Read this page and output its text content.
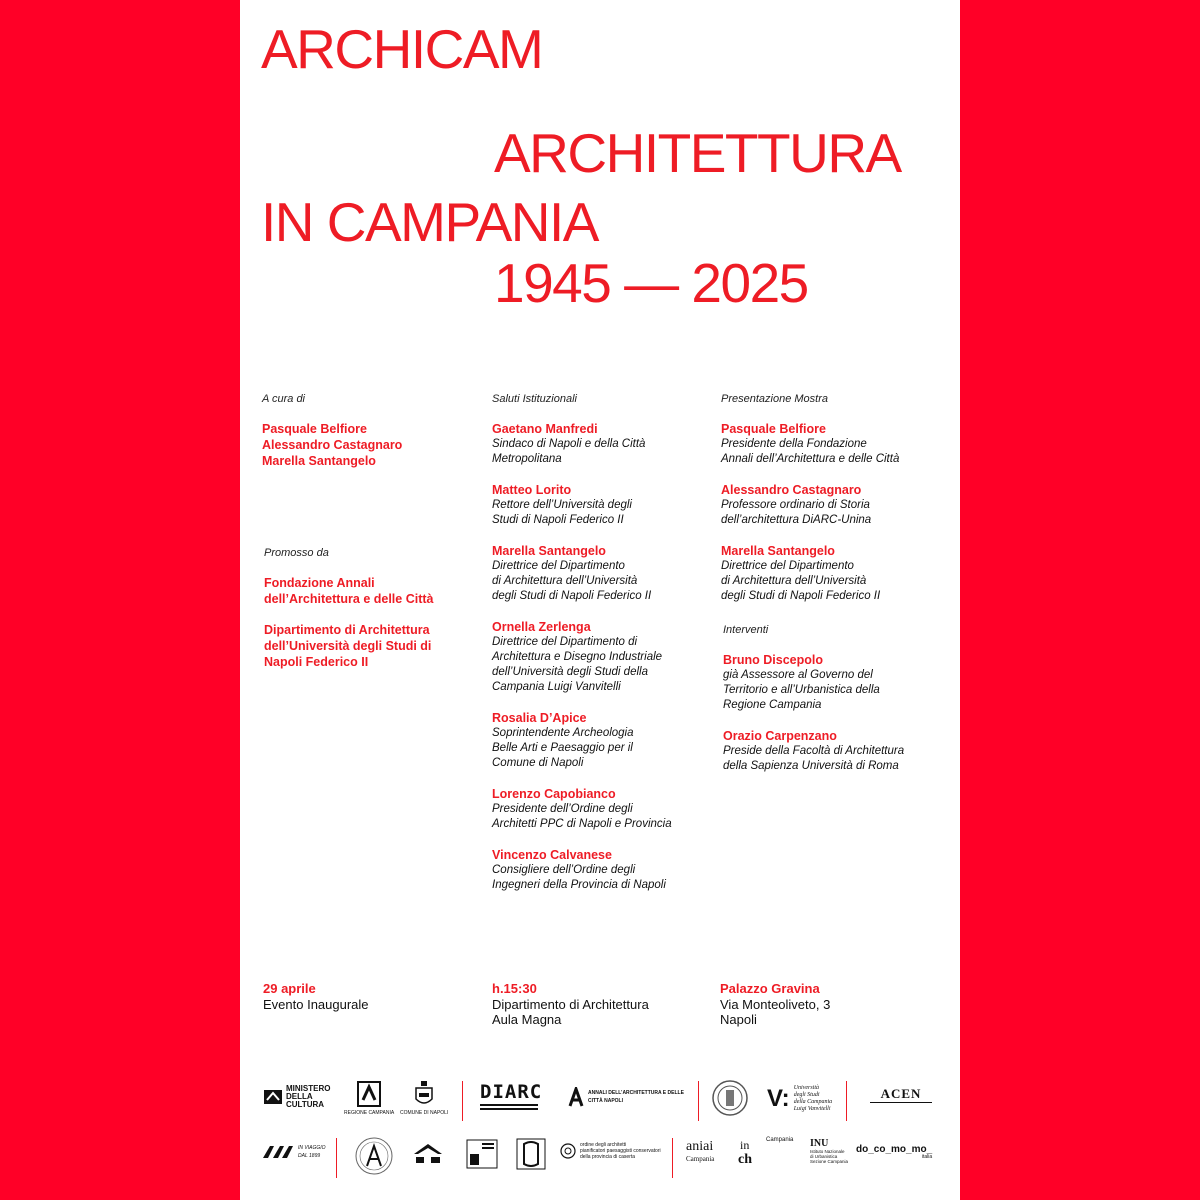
ARCHICAM
ARCHITETTURA
IN CAMPANIA
1945 — 2025
A cura di
Pasquale Belfiore
Alessandro Castagnaro
Marella Santangelo
Promosso da
Fondazione Annali
dell’Architettura e delle Città
Dipartimento di Architettura
dell’Università degli Studi di
Napoli Federico II
Saluti Istituzionali
Gaetano Manfredi
Sindaco di Napoli e della Città
Metropolitana
Matteo Lorito
Rettore dell’Università degli
Studi di Napoli Federico II
Marella Santangelo
Direttrice del Dipartimento
di Architettura dell’Università
degli Studi di Napoli Federico II
Ornella Zerlenga
Direttrice del Dipartimento di
Architettura e Disegno Industriale
dell’Università degli Studi della
Campania Luigi Vanvitelli
Rosalia D’Apice
Soprintendente Archeologia
Belle Arti e Paesaggio per il
Comune di Napoli
Lorenzo Capobianco
Presidente dell’Ordine degli
Architetti PPC di Napoli e Provincia
Vincenzo Calvanese
Consigliere dell’Ordine degli
Ingegneri della Provincia di Napoli
Presentazione Mostra
Pasquale Belfiore
Presidente della Fondazione
Annali dell’Architettura e delle Città
Alessandro Castagnaro
Professore ordinario di Storia
dell’architettura DiARC-Unina
Marella Santangelo
Direttrice del Dipartimento
di Architettura dell’Università
degli Studi di Napoli Federico II
Interventi
Bruno Discepolo
già Assessore al Governo del
Territorio e all’Urbanistica della
Regione Campania
Orazio Carpenzano
Preside della Facoltà di Architettura
della Sapienza Università di Roma
29 aprile
Evento Inaugurale
h.15:30
Dipartimento di Architettura
Aula Magna
Palazzo Gravina
Via Monteoliveto, 3
Napoli
MINISTERO
DELLA
CULTURA
REGIONE CAMPANIA COMUNE DI NAPOLI
DIARC	ANNALI DELL’ARCHITETTURA E DELLE CITTÀ NAPOLI	V: Università
degli Studi
della Campania
Luigi Vanvitelli
ACEN
IN VIAGGIO
DAL 1899
ordine degli architetti
pianificatori paesaggisti conservatori
della provincia di caserta
aniai
Campania
in
ch
Campania INU
Istituto Nazionale
di Urbanistica
Sezione Campania
do_co_mo_mo_
italia
